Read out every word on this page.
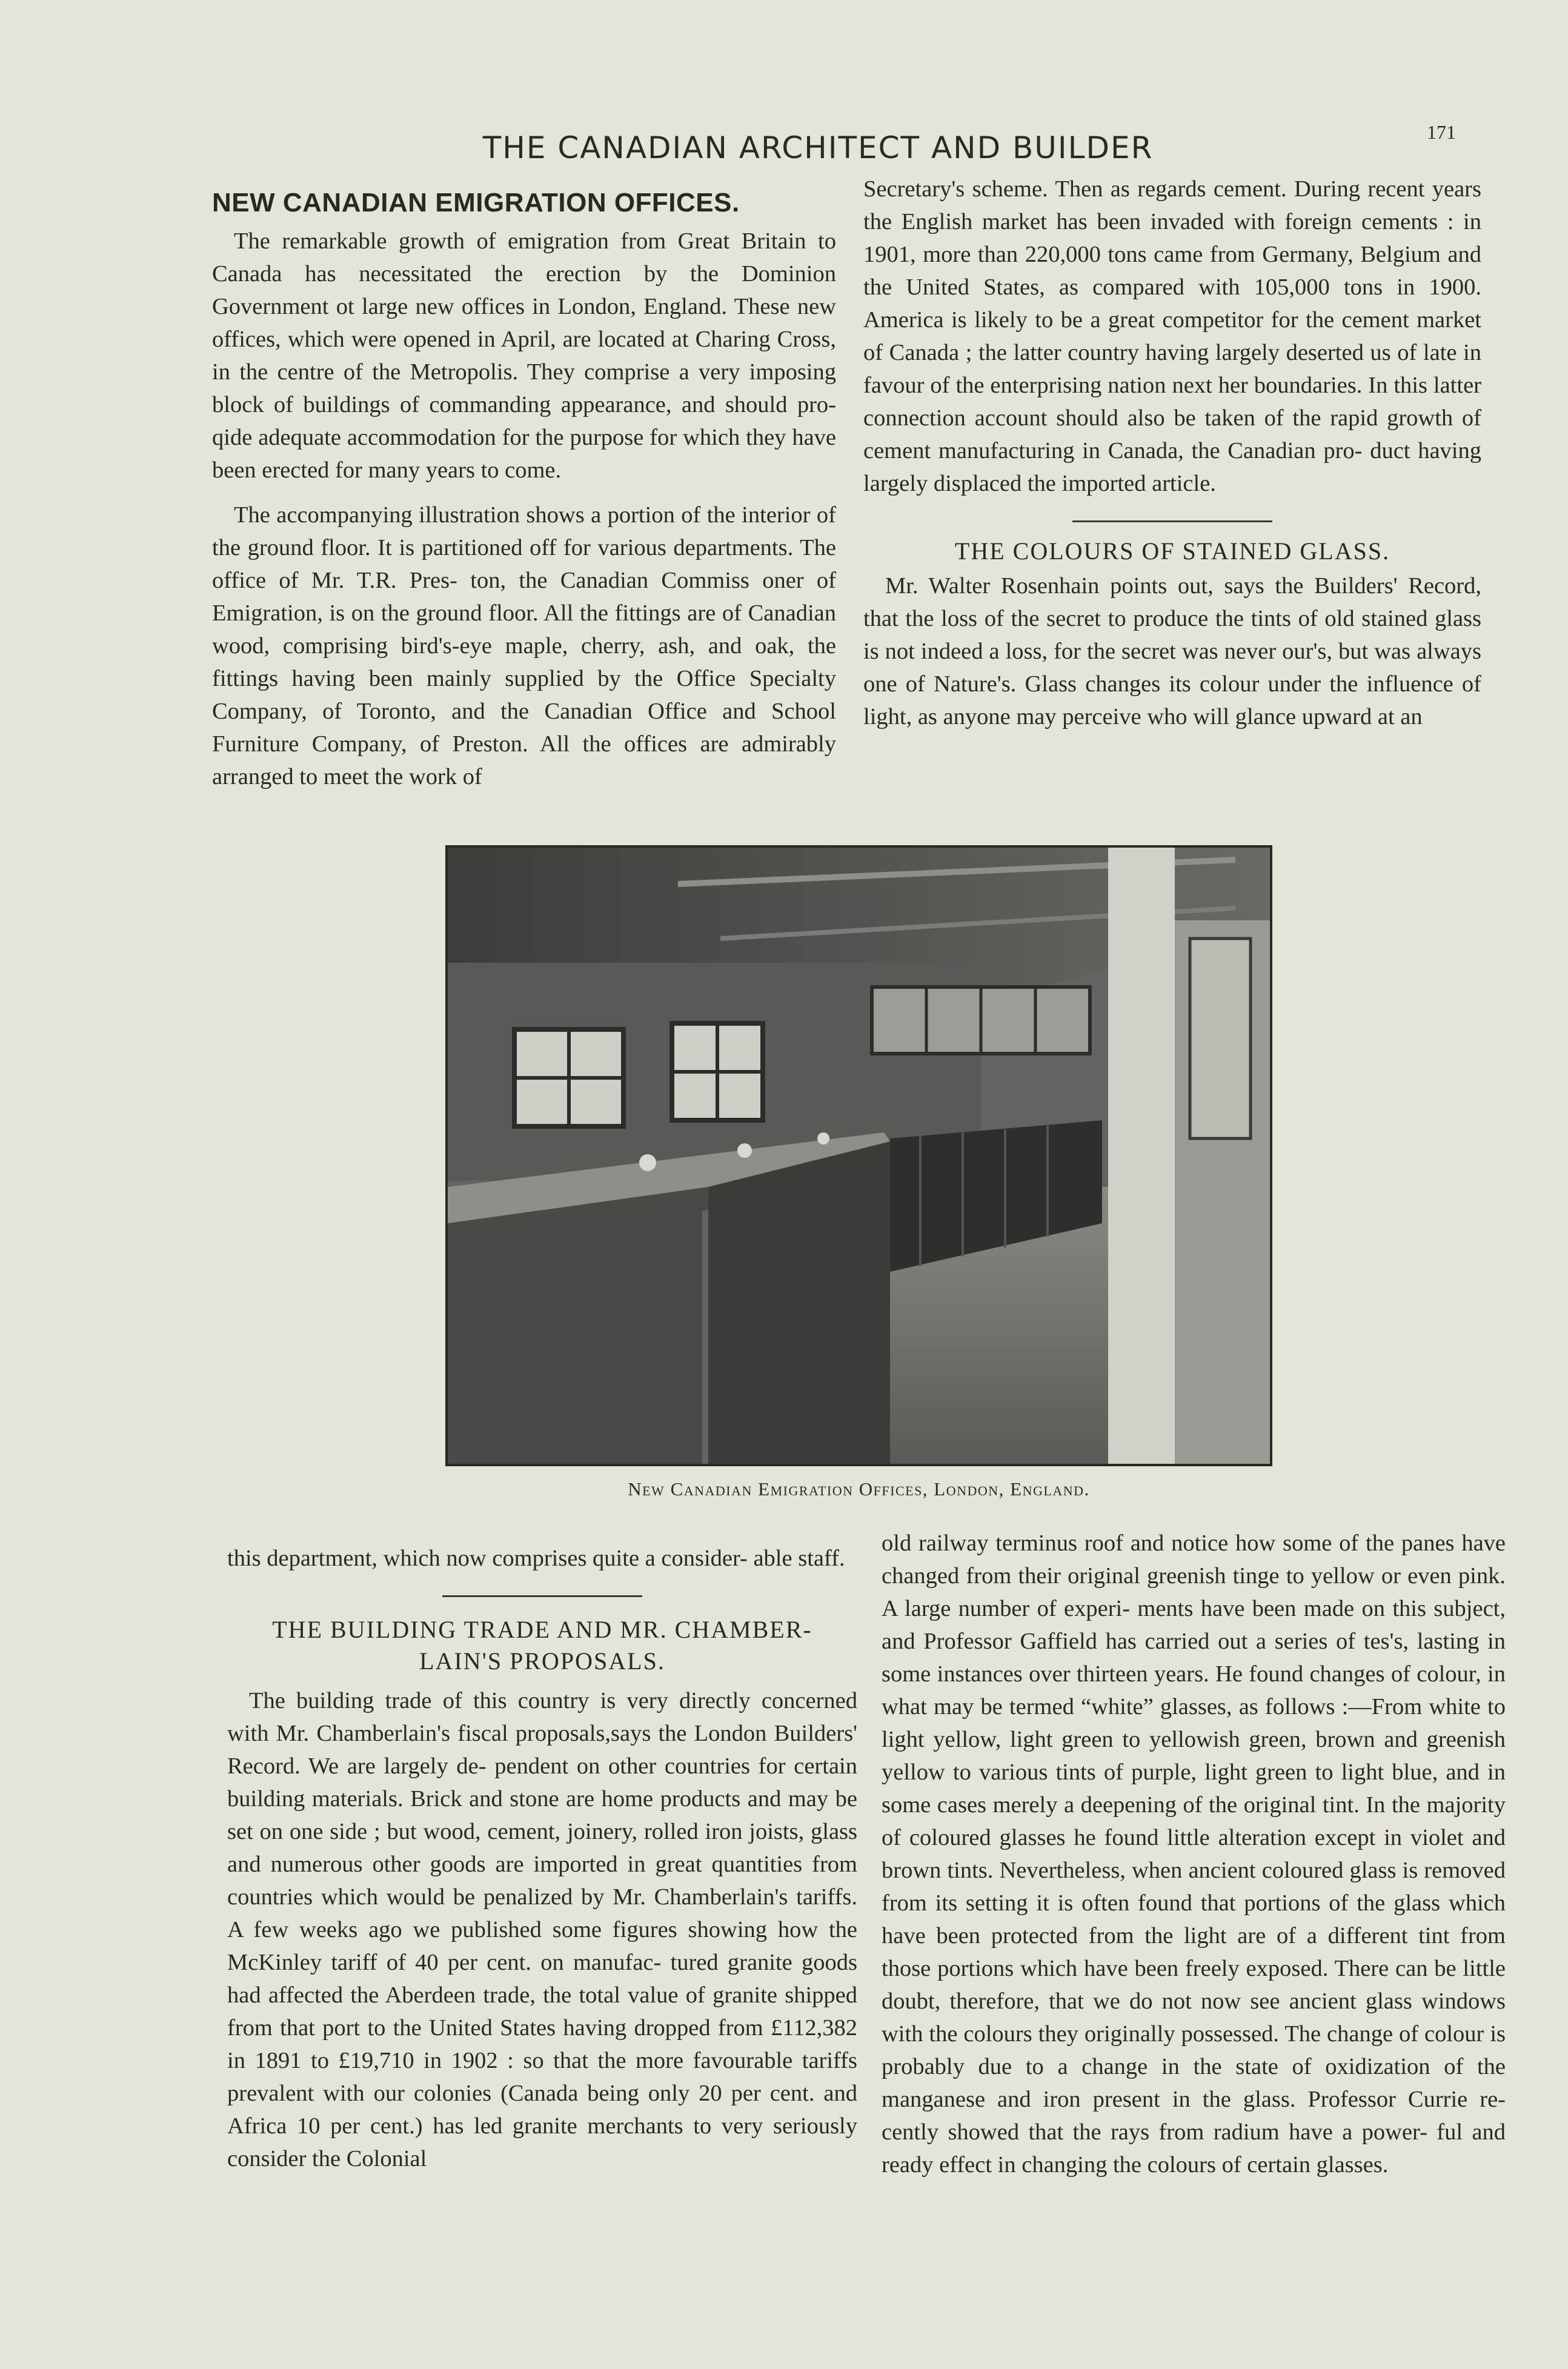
THE CANADIAN ARCHITECT AND BUILDER	171
NEW CANADIAN EMIGRATION OFFICES.

The remarkable growth of emigration from Great Britain to Canada has necessitated the erection by the Dominion Government ot large new offices in London, England. These new offices, which were opened in April, are located at Charing Cross, in the centre of the Metropolis. They comprise a very imposing block of buildings of commanding appearance, and should pro- qide adequate accommodation for the purpose for which they have been erected for many years to come.

The accompanying illustration shows a portion of the interior of the ground floor. It is partitioned off for various departments. The office of Mr. T.R. Pres- ton, the Canadian Commiss oner of Emigration, is on the ground floor. All the fittings are of Canadian wood, comprising bird's-eye maple, cherry, ash, and oak, the fittings having been mainly supplied by the Office Specialty Company, of Toronto, and the Canadian Office and School Furniture Company, of Preston. All the offices are admirably arranged to meet the work of

Secretary's scheme. Then as regards cement. During recent years the English market has been invaded with foreign cements : in 1901, more than 220,000 tons came from Germany, Belgium and the United States, as compared with 105,000 tons in 1900. America is likely to be a great competitor for the cement market of Canada ; the latter country having largely deserted us of late in favour of the enterprising nation next her boundaries. In this latter connection account should also be taken of the rapid growth of cement manufacturing in Canada, the Canadian pro- duct having largely displaced the imported article.

THE COLOURS OF STAINED GLASS.

Mr. Walter Rosenhain points out, says the Builders' Record, that the loss of the secret to produce the tints of old stained glass is not indeed a loss, for the secret was never our's, but was always one of Nature's. Glass changes its colour under the influence of light, as anyone may perceive who will glance upward at an

New Canadian Emigration Offices, London, England.

this department, which now comprises quite a consider- able staff.

THE BUILDING TRADE AND MR. CHAMBER-
LAIN'S PROPOSALS.

The building trade of this country is very directly concerned with Mr. Chamberlain's fiscal proposals,says the London Builders' Record. We are largely de- pendent on other countries for certain building materials. Brick and stone are home products and may be set on one side ; but wood, cement, joinery, rolled iron joists, glass and numerous other goods are imported in great quantities from countries which would be penalized by Mr. Chamberlain's tariffs. A few weeks ago we published some figures showing how the McKinley tariff of 40 per cent. on manufac- tured granite goods had affected the Aberdeen trade, the total value of granite shipped from that port to the United States having dropped from £112,382 in 1891 to £19,710 in 1902 : so that the more favourable tariffs prevalent with our colonies (Canada being only 20 per cent. and Africa 10 per cent.) has led granite merchants to very seriously consider the Colonial

old railway terminus roof and notice how some of the panes have changed from their original greenish tinge to yellow or even pink. A large number of experi- ments have been made on this subject, and Professor Gaffield has carried out a series of tes's, lasting in some instances over thirteen years. He found changes of colour, in what may be termed “white” glasses, as follows :—From white to light yellow, light green to yellowish green, brown and greenish yellow to various tints of purple, light green to light blue, and in some cases merely a deepening of the original tint. In the majority of coloured glasses he found little alteration except in violet and brown tints. Nevertheless, when ancient coloured glass is removed from its setting it is often found that portions of the glass which have been protected from the light are of a different tint from those portions which have been freely exposed. There can be little doubt, therefore, that we do not now see ancient glass windows with the colours they originally possessed. The change of colour is probably due to a change in the state of oxidization of the manganese and iron present in the glass. Professor Currie re- cently showed that the rays from radium have a power- ful and ready effect in changing the colours of certain glasses.
